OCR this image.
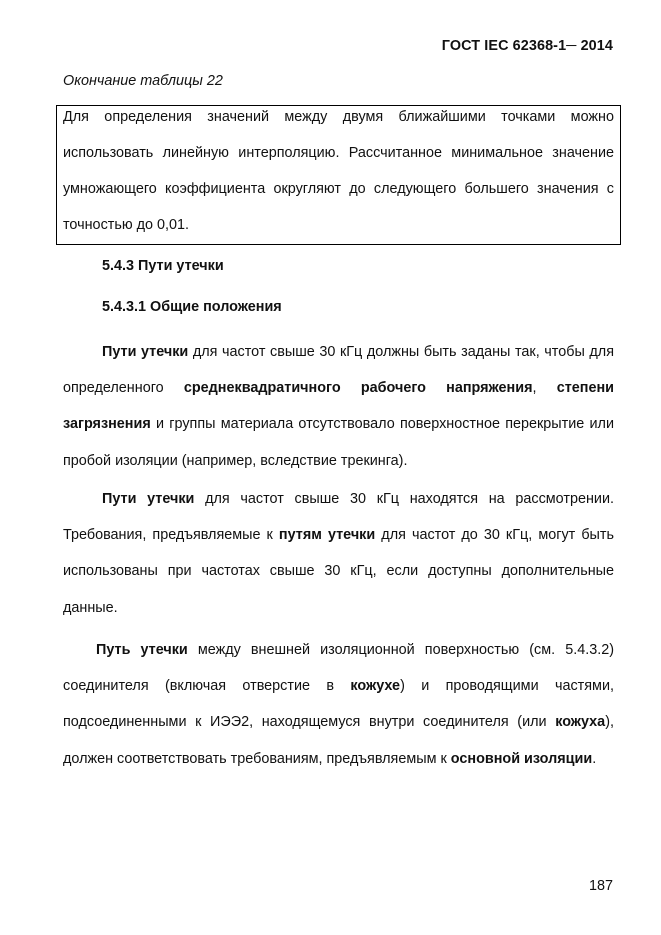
ГОСТ IEC 62368-1─ 2014
Окончание таблицы 22

Для определения значений между двумя ближайшими точками можно использовать линейную интерполяцию. Рассчитанное минимальное значение умножающего коэффициента округляют до следующего большего значения с точностью до 0,01.

5.4.3 Пути утечки
5.4.3.1 Общие положения

Пути утечки для частот свыше 30 кГц должны быть заданы так, чтобы для определенного среднеквадратичного рабочего напряжения, степени загрязнения и группы материала отсутствовало поверхностное перекрытие или пробой изоляции (например, вследствие трекинга).

Пути утечки для частот свыше 30 кГц находятся на рассмотрении. Требования, предъявляемые к путям утечки для частот до 30 кГц, могут быть использованы при частотах свыше 30 кГц, если доступны дополнительные данные.

Путь утечки между внешней изоляционной поверхностью (см. 5.4.3.2) соединителя (включая отверстие в кожухе) и проводящими частями, подсоединенными к ИЭЭ2, находящемуся внутри соединителя (или кожуха), должен соответствовать требованиям, предъявляемым к основной изоляции.

187
